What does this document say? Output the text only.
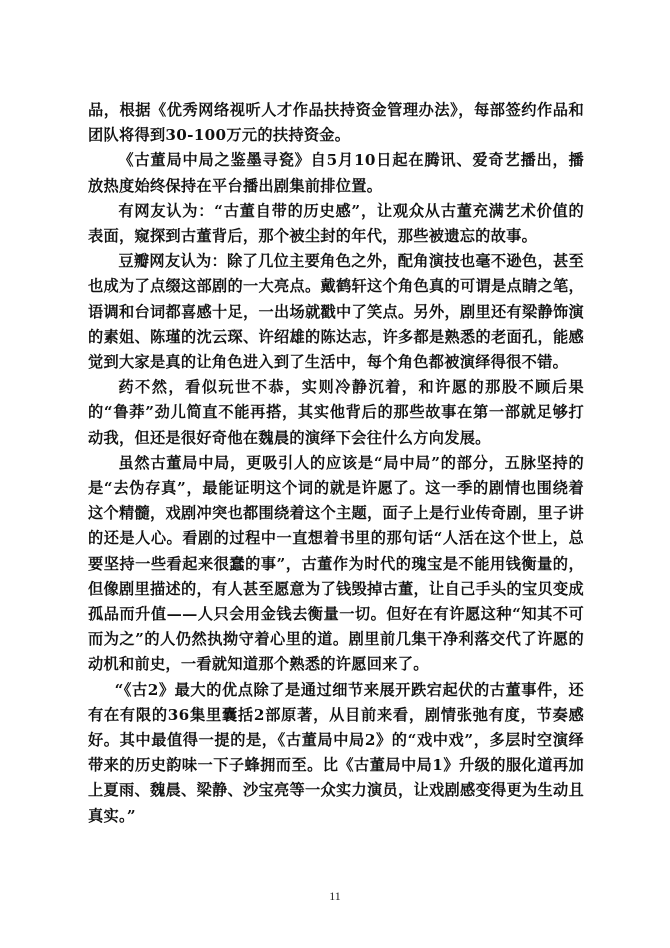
品，根据《优秀网络视听人才作品扶持资金管理办法》，每部签约作品和团队将得到30-100万元的扶持资金。

《古董局中局之鉴墨寻瓷》自5月10日起在腾讯、爱奇艺播出，播放热度始终保持在平台播出剧集前排位置。

有网友认为：“古董自带的历史感”，让观众从古董充满艺术价值的表面，窥探到古董背后，那个被尘封的年代，那些被遗忘的故事。

豆瓣网友认为：除了几位主要角色之外，配角演技也毫不逊色，甚至也成为了点缀这部剧的一大亮点。戴鹤轩这个角色真的可谓是点睛之笔，语调和台词都喜感十足，一出场就戳中了笑点。另外，剧里还有梁静饰演的素姐、陈瑾的沈云琛、许绍雄的陈达志，许多都是熟悉的老面孔，能感觉到大家是真的让角色进入到了生活中，每个角色都被演绎得很不错。

药不然，看似玩世不恭，实则冷静沉着，和许愿的那股不顾后果的“鲁莽”劲儿简直不能再搭，其实他背后的那些故事在第一部就足够打动我，但还是很好奇他在魏晨的演绎下会往什么方向发展。

虽然古董局中局，更吸引人的应该是“局中局”的部分，五脉坚持的是“去伪存真”，最能证明这个词的就是许愿了。这一季的剧情也围绕着这个精髓，戏剧冲突也都围绕着这个主题，面子上是行业传奇剧，里子讲的还是人心。看剧的过程中一直想着书里的那句话“人活在这个世上，总要坚持一些看起来很蠢的事”，古董作为时代的瑰宝是不能用钱衡量的，但像剧里描述的，有人甚至愿意为了钱毁掉古董，让自己手头的宝贝变成孤品而升值——人只会用金钱去衡量一切。但好在有许愿这种“知其不可而为之”的人仍然执拗守着心里的道。剧里前几集干净利落交代了许愿的动机和前史，一看就知道那个熟悉的许愿回来了。

“《古2》最大的优点除了是通过细节来展开跌宕起伏的古董事件，还有在有限的36集里囊括2部原著，从目前来看，剧情张弛有度，节奏感好。其中最值得一提的是，《古董局中局2》的“戏中戏”，多层时空演绎带来的历史韵味一下子蜂拥而至。比《古董局中局1》升级的服化道再加上夏雨、魏晨、梁静、沙宝亮等一众实力演员，让戏剧感变得更为生动且真实。”

11
